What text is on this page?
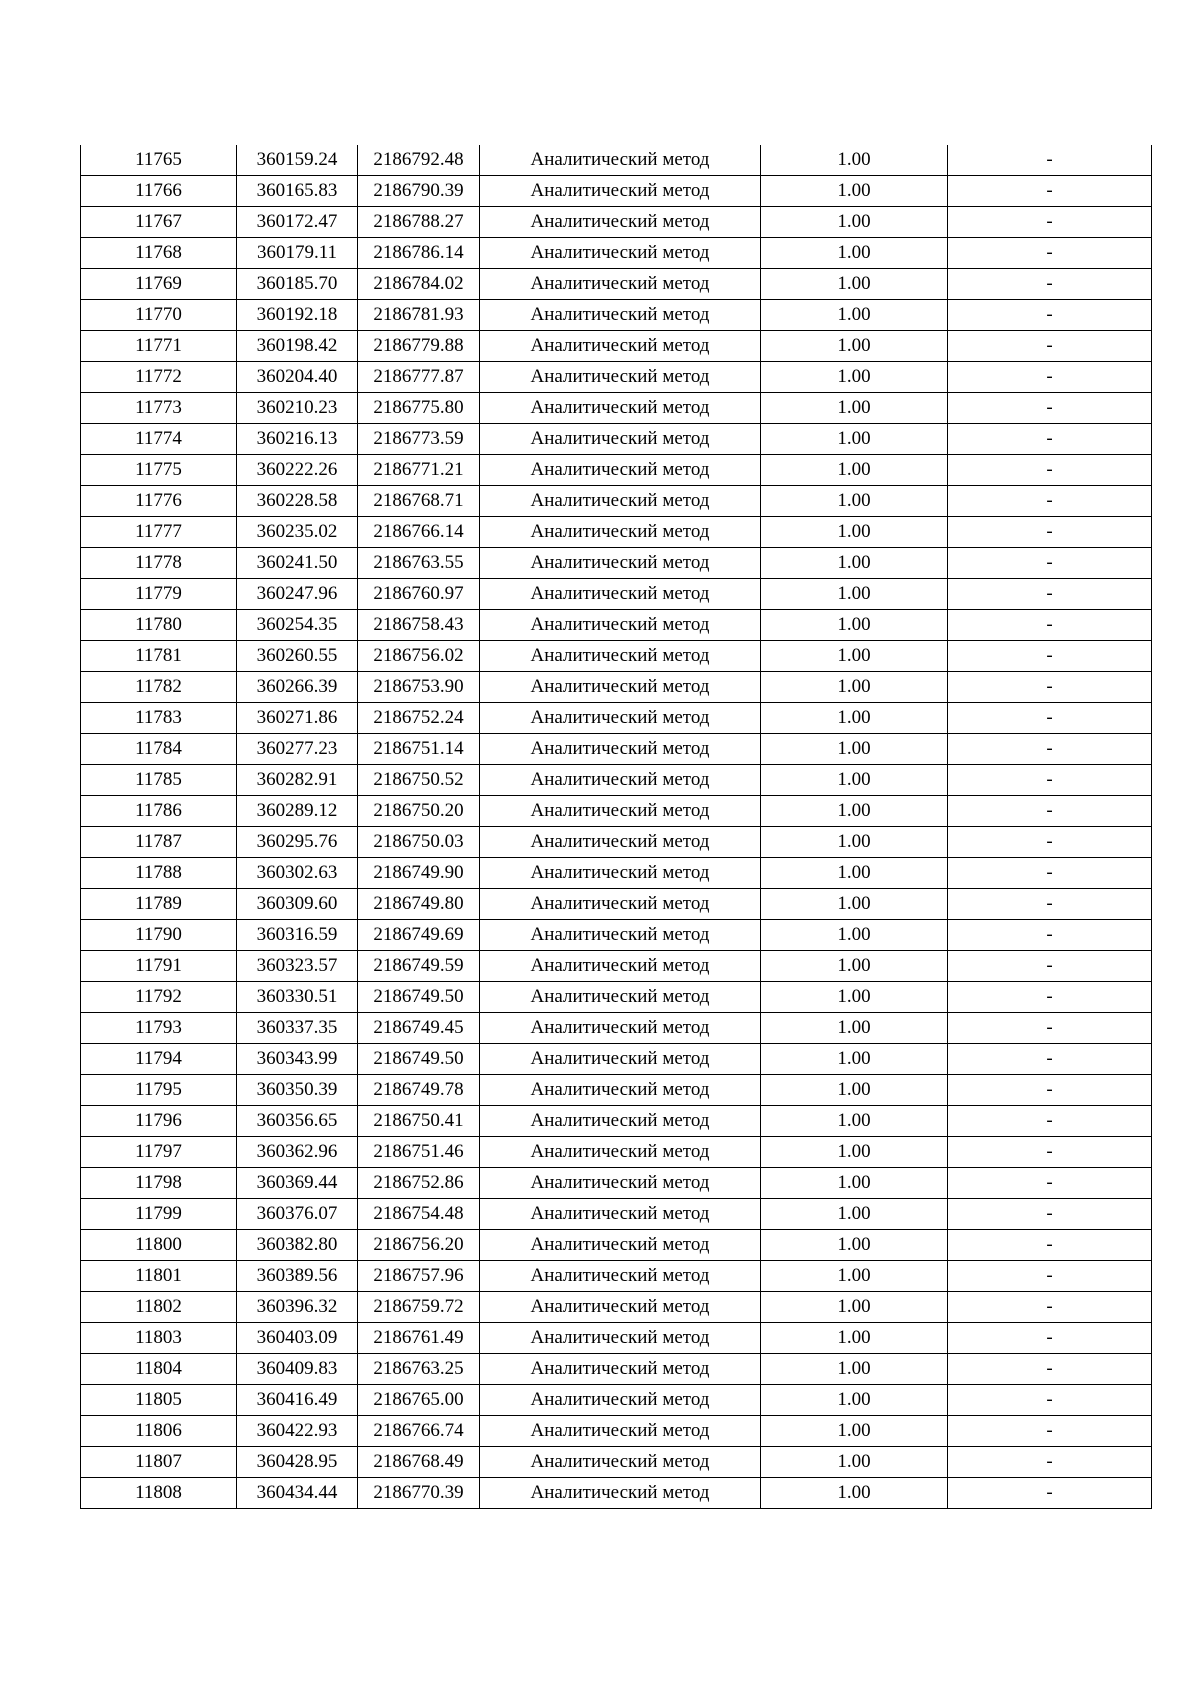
11765	360159.24	2186792.48	Аналитический метод	1.00	-
11766	360165.83	2186790.39	Аналитический метод	1.00	-
11767	360172.47	2186788.27	Аналитический метод	1.00	-
11768	360179.11	2186786.14	Аналитический метод	1.00	-
11769	360185.70	2186784.02	Аналитический метод	1.00	-
11770	360192.18	2186781.93	Аналитический метод	1.00	-
11771	360198.42	2186779.88	Аналитический метод	1.00	-
11772	360204.40	2186777.87	Аналитический метод	1.00	-
11773	360210.23	2186775.80	Аналитический метод	1.00	-
11774	360216.13	2186773.59	Аналитический метод	1.00	-
11775	360222.26	2186771.21	Аналитический метод	1.00	-
11776	360228.58	2186768.71	Аналитический метод	1.00	-
11777	360235.02	2186766.14	Аналитический метод	1.00	-
11778	360241.50	2186763.55	Аналитический метод	1.00	-
11779	360247.96	2186760.97	Аналитический метод	1.00	-
11780	360254.35	2186758.43	Аналитический метод	1.00	-
11781	360260.55	2186756.02	Аналитический метод	1.00	-
11782	360266.39	2186753.90	Аналитический метод	1.00	-
11783	360271.86	2186752.24	Аналитический метод	1.00	-
11784	360277.23	2186751.14	Аналитический метод	1.00	-
11785	360282.91	2186750.52	Аналитический метод	1.00	-
11786	360289.12	2186750.20	Аналитический метод	1.00	-
11787	360295.76	2186750.03	Аналитический метод	1.00	-
11788	360302.63	2186749.90	Аналитический метод	1.00	-
11789	360309.60	2186749.80	Аналитический метод	1.00	-
11790	360316.59	2186749.69	Аналитический метод	1.00	-
11791	360323.57	2186749.59	Аналитический метод	1.00	-
11792	360330.51	2186749.50	Аналитический метод	1.00	-
11793	360337.35	2186749.45	Аналитический метод	1.00	-
11794	360343.99	2186749.50	Аналитический метод	1.00	-
11795	360350.39	2186749.78	Аналитический метод	1.00	-
11796	360356.65	2186750.41	Аналитический метод	1.00	-
11797	360362.96	2186751.46	Аналитический метод	1.00	-
11798	360369.44	2186752.86	Аналитический метод	1.00	-
11799	360376.07	2186754.48	Аналитический метод	1.00	-
11800	360382.80	2186756.20	Аналитический метод	1.00	-
11801	360389.56	2186757.96	Аналитический метод	1.00	-
11802	360396.32	2186759.72	Аналитический метод	1.00	-
11803	360403.09	2186761.49	Аналитический метод	1.00	-
11804	360409.83	2186763.25	Аналитический метод	1.00	-
11805	360416.49	2186765.00	Аналитический метод	1.00	-
11806	360422.93	2186766.74	Аналитический метод	1.00	-
11807	360428.95	2186768.49	Аналитический метод	1.00	-
11808	360434.44	2186770.39	Аналитический метод	1.00	-
